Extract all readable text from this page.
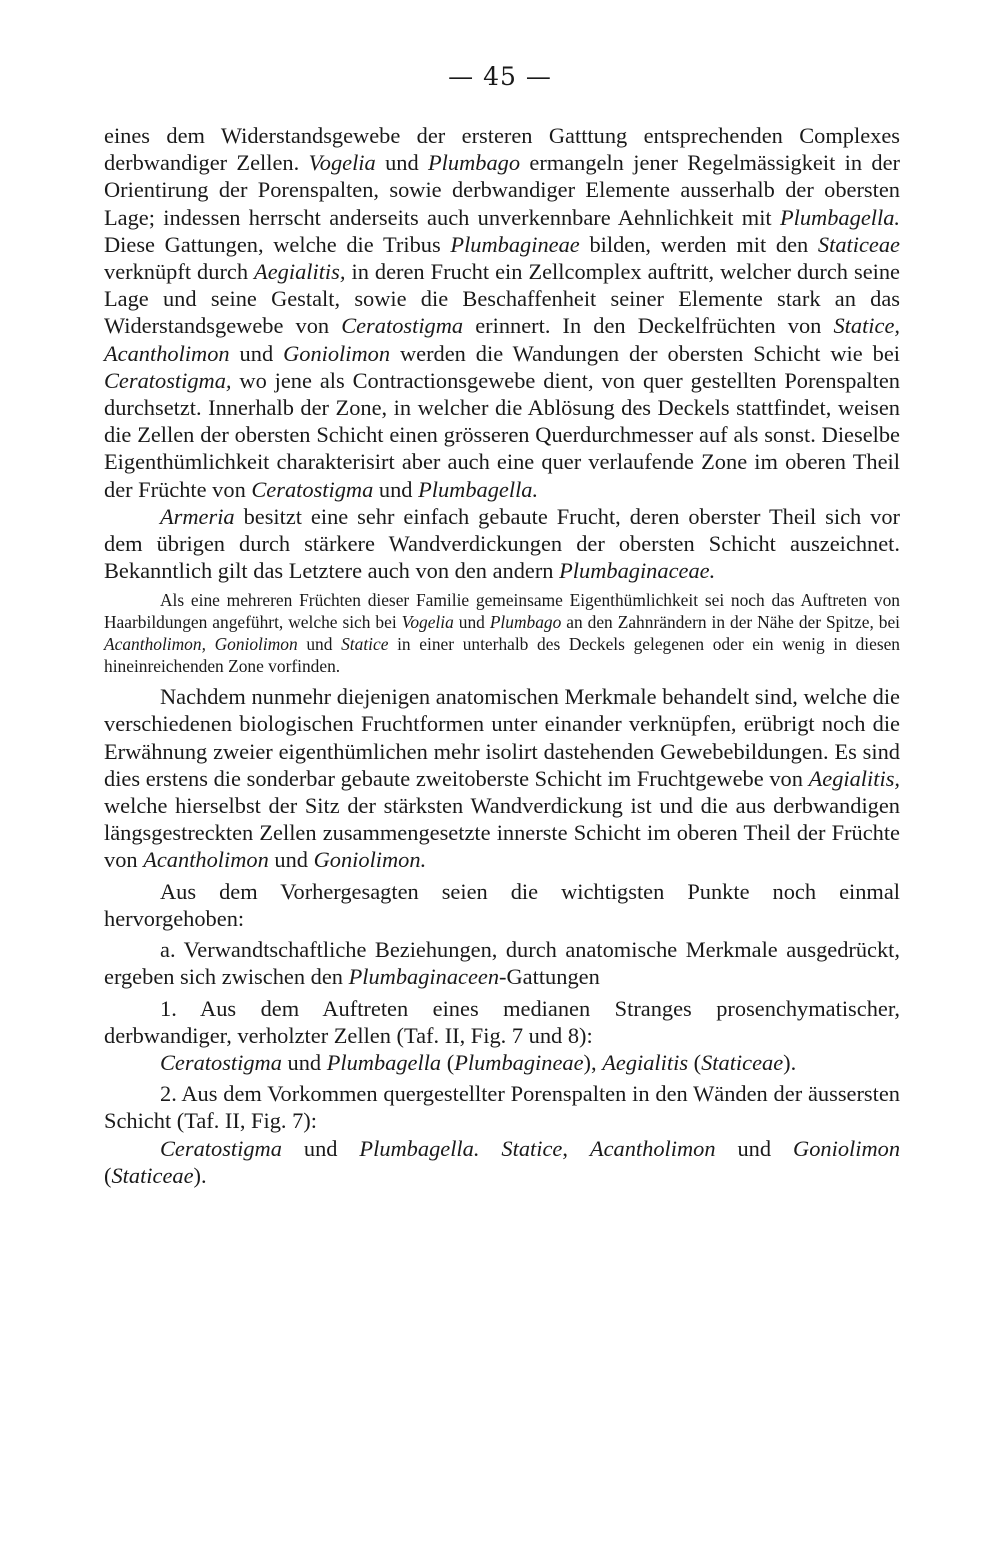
— 45 —

eines dem Widerstandsgewebe der ersteren Gatttung entsprechenden Complexes derbwandiger Zellen. Vogelia und Plumbago ermangeln jener Regelmässigkeit in der Orientirung der Porenspalten, sowie derbwandiger Elemente ausserhalb der obersten Lage; indessen herrscht anderseits auch unverkennbare Aehnlichkeit mit Plumbagella. Diese Gattungen, welche die Tribus Plumbagineae bilden, werden mit den Staticeae verknüpft durch Aegialitis, in deren Frucht ein Zellcomplex auftritt, welcher durch seine Lage und seine Gestalt, sowie die Beschaffenheit seiner Elemente stark an das Widerstandsgewebe von Ceratostigma erinnert. In den Deckelfrüchten von Statice, Acantholimon und Goniolimon werden die Wandungen der obersten Schicht wie bei Ceratostigma, wo jene als Contractionsgewebe dient, von quer gestellten Porenspalten durchsetzt. Innerhalb der Zone, in welcher die Ablösung des Deckels stattfindet, weisen die Zellen der obersten Schicht einen grösseren Querdurchmesser auf als sonst. Dieselbe Eigenthümlichkeit charakterisirt aber auch eine quer verlaufende Zone im oberen Theil der Früchte von Ceratostigma und Plumbagella.

Armeria besitzt eine sehr einfach gebaute Frucht, deren oberster Theil sich vor dem übrigen durch stärkere Wandverdickungen der obersten Schicht auszeichnet. Bekanntlich gilt das Letztere auch von den andern Plumbaginaceae.

Als eine mehreren Früchten dieser Familie gemeinsame Eigenthümlichkeit sei noch das Auftreten von Haarbildungen angeführt, welche sich bei Vogelia und Plumbago an den Zahnrändern in der Nähe der Spitze, bei Acantholimon, Goniolimon und Statice in einer unterhalb des Deckels gelegenen oder ein wenig in diesen hineinreichenden Zone vorfinden.

Nachdem nunmehr diejenigen anatomischen Merkmale behandelt sind, welche die verschiedenen biologischen Fruchtformen unter einander verknüpfen, erübrigt noch die Erwähnung zweier eigenthümlichen mehr isolirt dastehenden Gewebebildungen. Es sind dies erstens die sonderbar gebaute zweitoberste Schicht im Fruchtgewebe von Aegialitis, welche hierselbst der Sitz der stärksten Wandverdickung ist und die aus derbwandigen längsgestreckten Zellen zusammengesetzte innerste Schicht im oberen Theil der Früchte von Acantholimon und Goniolimon.

Aus dem Vorhergesagten seien die wichtigsten Punkte noch einmal hervorgehoben:

a. Verwandtschaftliche Beziehungen, durch anatomische Merkmale ausgedrückt, ergeben sich zwischen den Plumbaginaceen-Gattungen

1. Aus dem Auftreten eines medianen Stranges prosenchymatischer, derbwandiger, verholzter Zellen (Taf. II, Fig. 7 und 8):

Ceratostigma und Plumbagella (Plumbagineae), Aegialitis (Staticeae).

2. Aus dem Vorkommen quergestellter Porenspalten in den Wänden der äussersten Schicht (Taf. II, Fig. 7):

Ceratostigma und Plumbagella. Statice, Acantholimon und Goniolimon (Staticeae).
